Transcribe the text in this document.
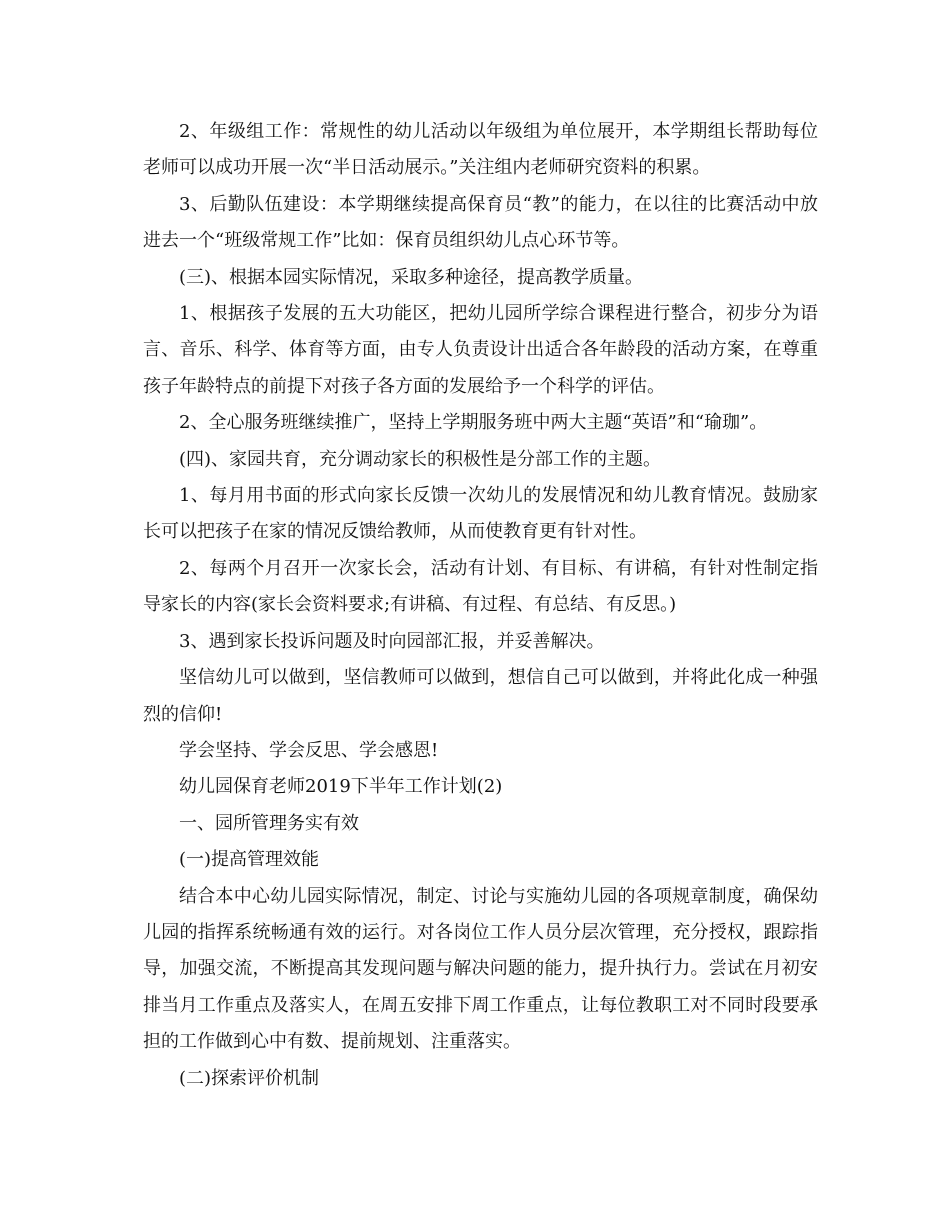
2、年级组工作：常规性的幼儿活动以年级组为单位展开，本学期组长帮助每位老师可以成功开展一次“半日活动展示。”关注组内老师研究资料的积累。

3、后勤队伍建设：本学期继续提高保育员“教”的能力，在以往的比赛活动中放进去一个“班级常规工作”比如：保育员组织幼儿点心环节等。

(三)、根据本园实际情况，采取多种途径，提高教学质量。

1、根据孩子发展的五大功能区，把幼儿园所学综合课程进行整合，初步分为语言、音乐、科学、体育等方面，由专人负责设计出适合各年龄段的活动方案，在尊重孩子年龄特点的前提下对孩子各方面的发展给予一个科学的评估。

2、全心服务班继续推广，坚持上学期服务班中两大主题“英语”和“瑜珈”。

(四)、家园共育，充分调动家长的积极性是分部工作的主题。

1、每月用书面的形式向家长反馈一次幼儿的发展情况和幼儿教育情况。鼓励家长可以把孩子在家的情况反馈给教师，从而使教育更有针对性。

2、每两个月召开一次家长会，活动有计划、有目标、有讲稿，有针对性制定指导家长的内容(家长会资料要求;有讲稿、有过程、有总结、有反思。)

3、遇到家长投诉问题及时向园部汇报，并妥善解决。

坚信幼儿可以做到，坚信教师可以做到，想信自己可以做到，并将此化成一种强烈的信仰!

学会坚持、学会反思、学会感恩!

幼儿园保育老师2019下半年工作计划(2)

一、园所管理务实有效

(一)提高管理效能

结合本中心幼儿园实际情况，制定、讨论与实施幼儿园的各项规章制度，确保幼儿园的指挥系统畅通有效的运行。对各岗位工作人员分层次管理，充分授权，跟踪指导，加强交流，不断提高其发现问题与解决问题的能力，提升执行力。尝试在月初安排当月工作重点及落实人，在周五安排下周工作重点，让每位教职工对不同时段要承担的工作做到心中有数、提前规划、注重落实。

(二)探索评价机制
